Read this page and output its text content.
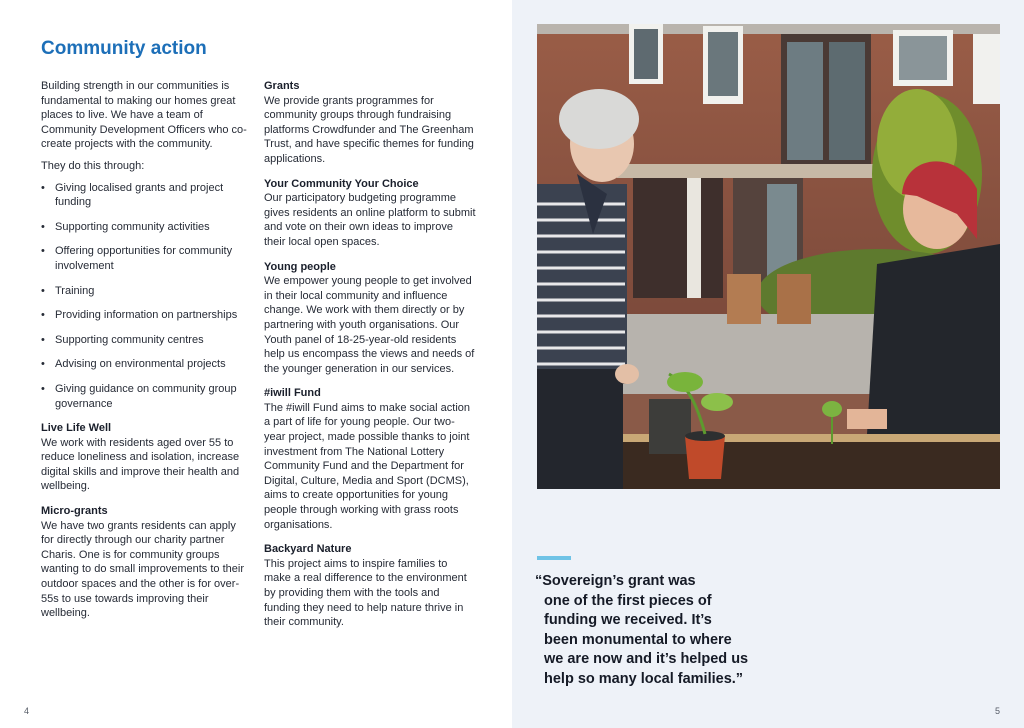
Community action

Building strength in our communities is fundamental to making our homes great places to live. We have a team of Community Development Officers who co-create projects with the community.

They do this through:

• Giving localised grants and project funding
• Supporting community activities
• Offering opportunities for community involvement
• Training
• Providing information on partnerships
• Supporting community centres
• Advising on environmental projects
• Giving guidance on community group governance
Live Life Well
We work with residents aged over 55 to reduce loneliness and isolation, increase digital skills and improve their health and wellbeing.
Micro-grants
We have two grants residents can apply for directly through our charity partner Charis. One is for community groups wanting to do small improvements to their outdoor spaces and the other is for over-55s to use towards improving their wellbeing.
Grants
We provide grants programmes for community groups through fundraising platforms Crowdfunder and The Greenham Trust, and have specific themes for funding applications.
Your Community Your Choice
Our participatory budgeting programme gives residents an online platform to submit and vote on their own ideas to improve their local open spaces.
Young people
We empower young people to get involved in their local community and influence change. We work with them directly or by partnering with youth organisations. Our Youth panel of 18-25-year-old residents help us encompass the views and needs of the younger generation in our services.
#iwill Fund
The #iwill Fund aims to make social action a part of life for young people. Our two-year project, made possible thanks to joint investment from The National Lottery Community Fund and the Department for Digital, Culture, Media and Sport (DCMS), aims to create opportunities for young people through working with grass roots organisations.
Backyard Nature
This project aims to inspire families to make a real difference to the environment by providing them with the tools and funding they need to help nature thrive in their community.
4
“Sovereign’s grant was
one of the first pieces of
funding we received. It’s
been monumental to where
we are now and it’s helped us
help so many local families.”
5
